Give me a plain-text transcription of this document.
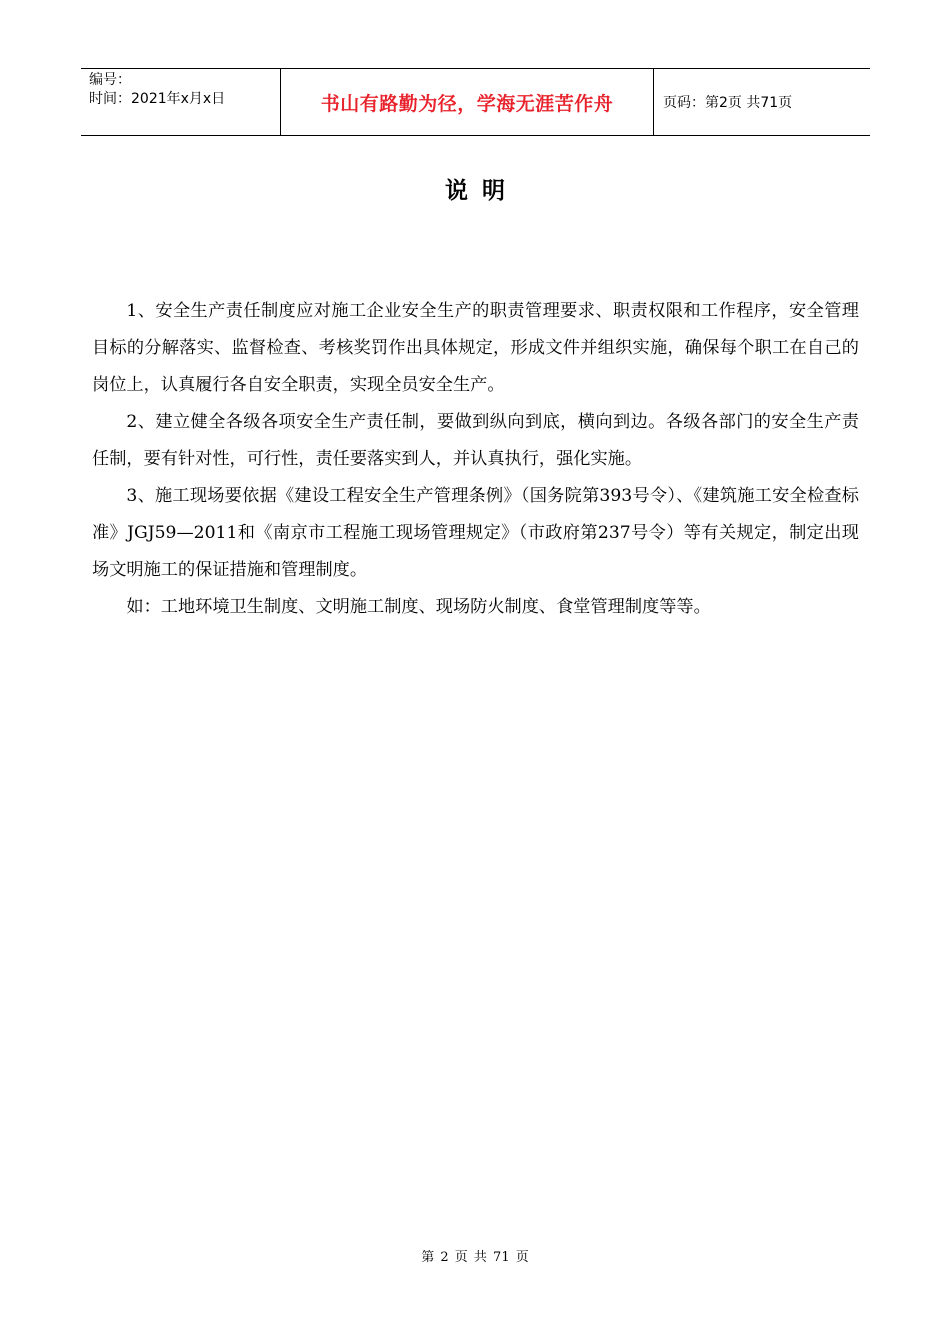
编号：
时间：2021年x月x日	书山有路勤为径，学海无涯苦作舟	页码：第2页 共71页
说明

1、安全生产责任制度应对施工企业安全生产的职责管理要求、职责权限和工作程序，安全管理目标的分解落实、监督检查、考核奖罚作出具体规定，形成文件并组织实施，确保每个职工在自己的岗位上，认真履行各自安全职责，实现全员安全生产。

2、建立健全各级各项安全生产责任制，要做到纵向到底，横向到边。各级各部门的安全生产责任制，要有针对性，可行性，责任要落实到人，并认真执行，强化实施。

3、施工现场要依据《建设工程安全生产管理条例》（国务院第393号令）、《建筑施工安全检查标准》JGJ59—2011和《南京市工程施工现场管理规定》（市政府第237号令）等有关规定，制定出现场文明施工的保证措施和管理制度。

如：工地环境卫生制度、文明施工制度、现场防火制度、食堂管理制度等等。

第 2 页 共 71 页
